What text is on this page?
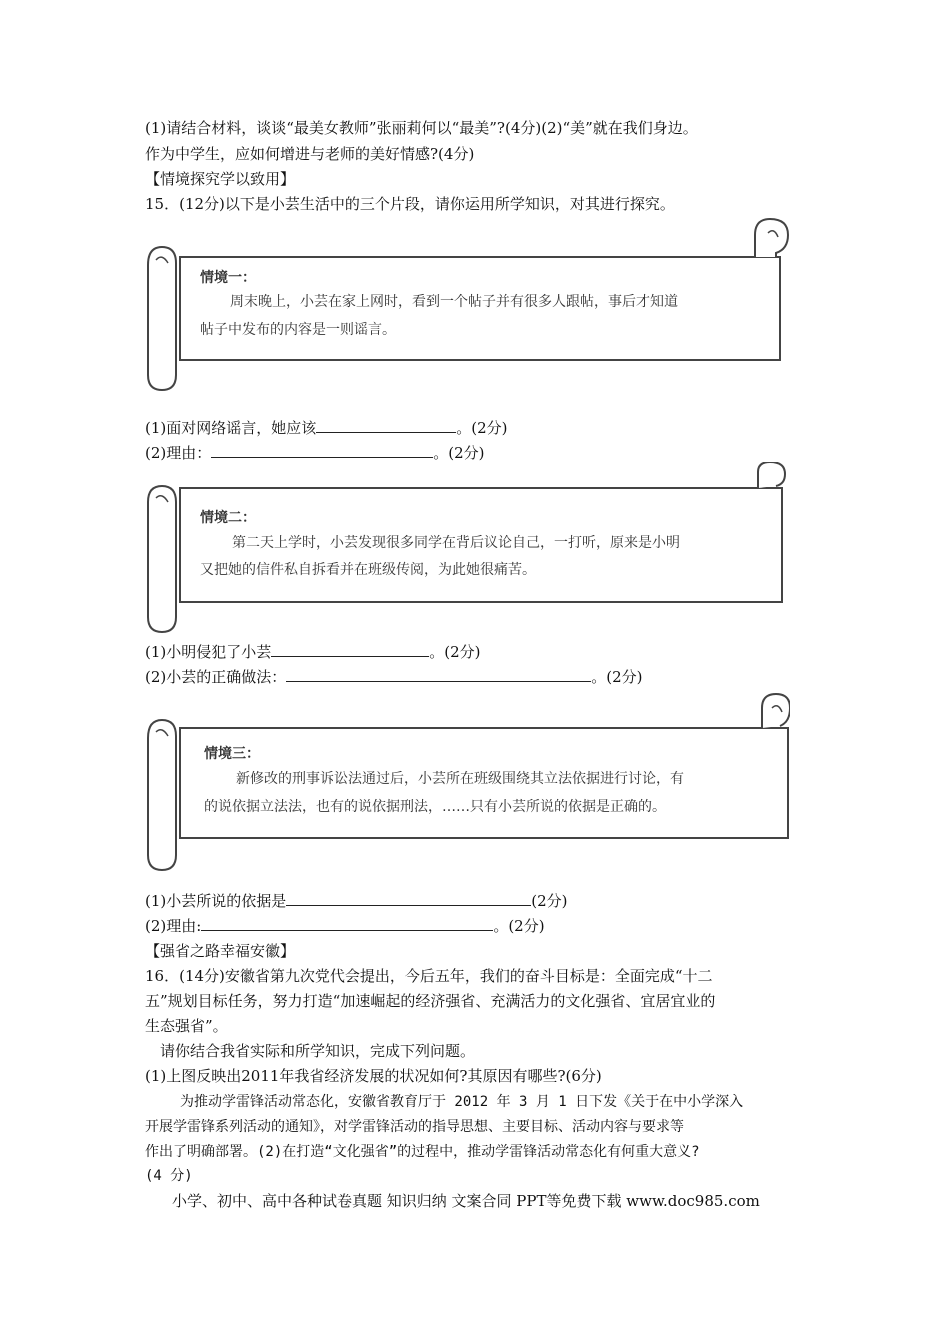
(1)请结合材料，谈谈“最美女教师”张丽莉何以“最美”?(4分)(2)“美”就在我们身边。
作为中学生，应如何增进与老师的美好情感?(4分)
【情境探究学以致用】
15．(12分)以下是小芸生活中的三个片段，请你运用所学知识，对其进行探究。
情境一：
周末晚上，小芸在家上网时，看到一个帖子并有很多人跟帖，事后才知道
帖子中发布的内容是一则谣言。
(1)面对网络谣言，她应该	。(2分)
(2)理由：	。(2分)
情境二：
第二天上学时，小芸发现很多同学在背后议论自己，一打听，原来是小明
又把她的信件私自拆看并在班级传阅，为此她很痛苦。
(1)小明侵犯了小芸	。(2分)
(2)小芸的正确做法：	。(2分)
情境三：
新修改的刑事诉讼法通过后，小芸所在班级围绕其立法依据进行讨论，有
的说依据立法法，也有的说依据刑法，……只有小芸所说的依据是正确的。
(1)小芸所说的依据是	(2分)
(2)理由:	。(2分)
【强省之路幸福安徽】
16．(14分)安徽省第九次党代会提出，今后五年，我们的奋斗目标是：全面完成“十二
五”规划目标任务，努力打造“加速崛起的经济强省、充满活力的文化强省、宜居宜业的
生态强省”。
请你结合我省实际和所学知识，完成下列问题。
(1)上图反映出2011年我省经济发展的状况如何?其原因有哪些?(6分)
为推动学雷锋活动常态化，安徽省教育厅于 2012 年 3 月 1 日下发《关于在中小学深入
开展学雷锋系列活动的通知》，对学雷锋活动的指导思想、主要目标、活动内容与要求等
作出了明确部署。(2)在打造“文化强省”的过程中，推动学雷锋活动常态化有何重大意义?
(4 分)
小学、初中、高中各种试卷真题 知识归纳 文案合同 PPT等免费下载 www.doc985.com
